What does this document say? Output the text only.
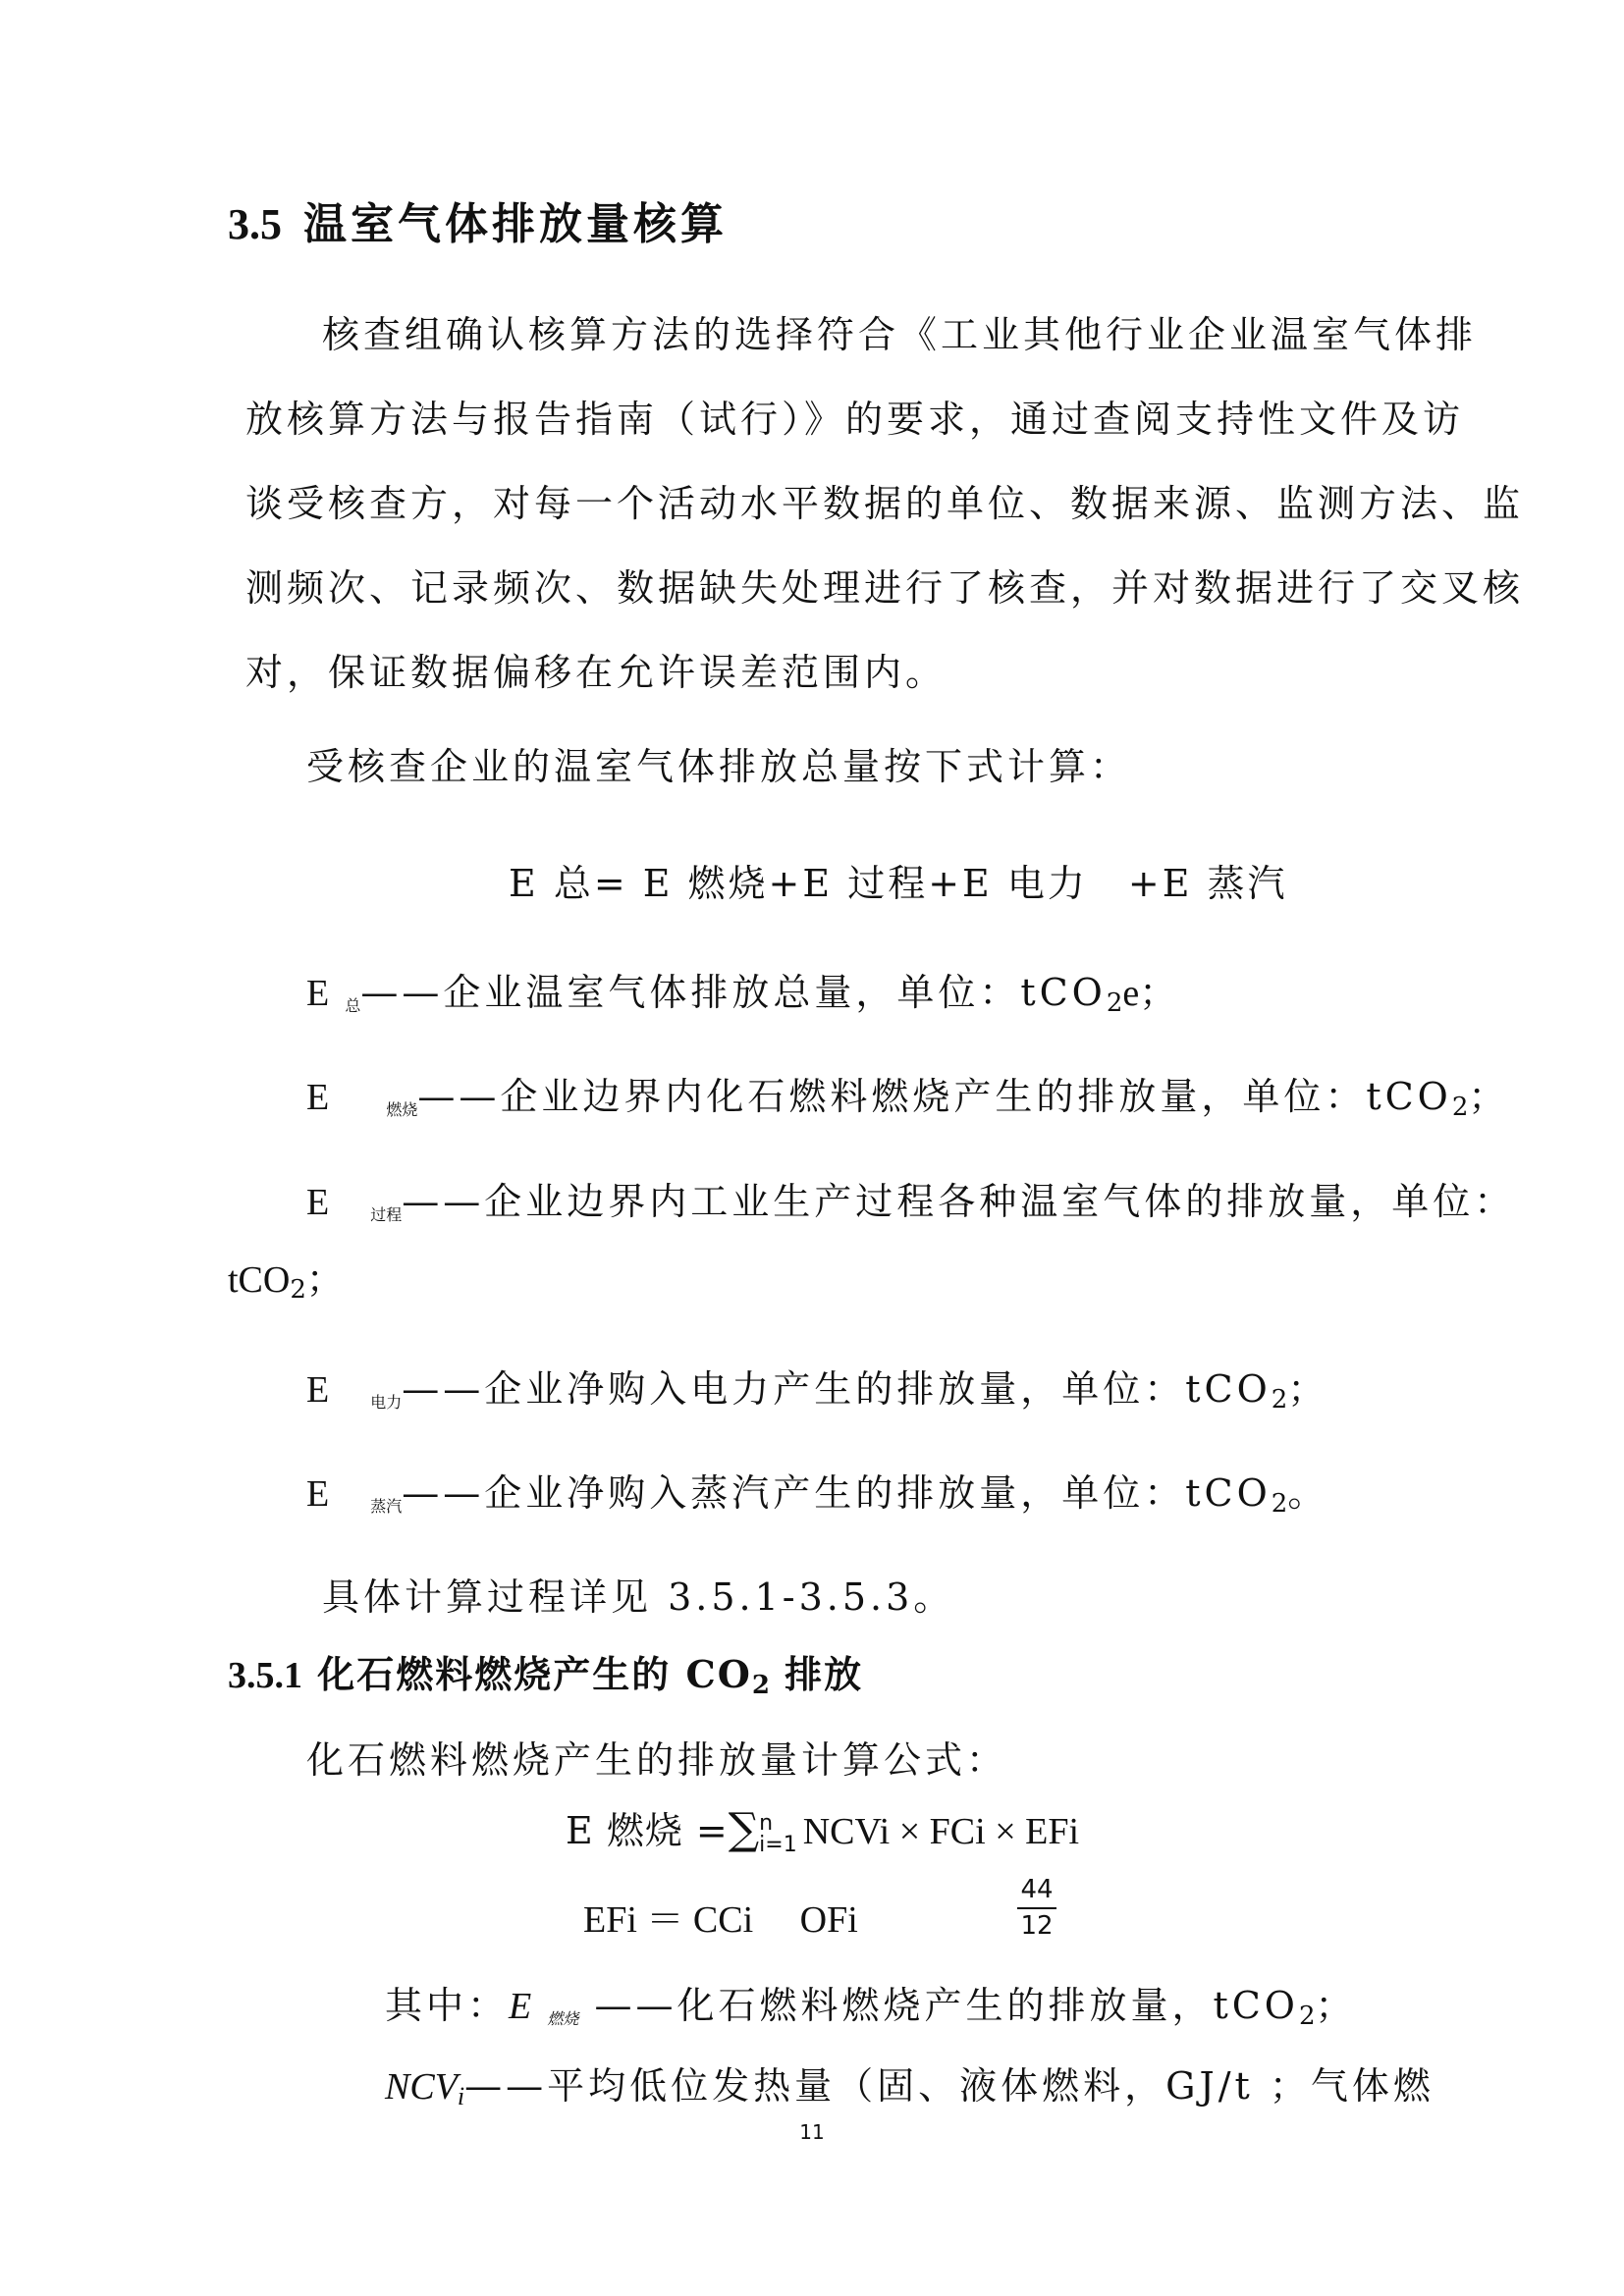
3.5 温室气体排放量核算
核查组确认核算方法的选择符合《工业其他行业企业温室气体排
放核算方法与报告指南（试行）》的要求，通过查阅支持性文件及访
谈受核查方，对每一个活动水平数据的单位、数据来源、监测方法、监
测频次、记录频次、数据缺失处理进行了核查，并对数据进行了交叉核
对，保证数据偏移在允许误差范围内。
受核查企业的温室气体排放总量按下式计算：
E 总= E 燃烧+E 过程+E 电力　+E 蒸汽
E $_总$——企业温室气体排放总量，单位：tCO2e；
E　	$_{燃烧}$——企业边界内化石燃料燃烧产生的排放量，单位：tCO2；
E　	$_{过程}$——企业边界内工业生产过程各种温室气体的排放量，单位：
tCO2；
E　	$_{电力}$——企业净购入电力产生的排放量，单位：tCO2；
E　	$_{蒸汽}$——企业净购入蒸汽产生的排放量，单位：tCO2。
具体计算过程详见 3.5.1-3.5.3。
3.5.1 化石燃料燃烧产生的 CO2 排放
化石燃料燃烧产生的排放量计算公式：
E 燃烧 =∑ n
i=1 NCVi × FCi × EFi
EFi ＝ CCi　 OFi
44
12
其中：E $_{燃烧}$ ——化石燃料燃烧产生的排放量，tCO2；
NCVi——平均低位发热量（固、液体燃料，GJ/t ；气体燃
11
